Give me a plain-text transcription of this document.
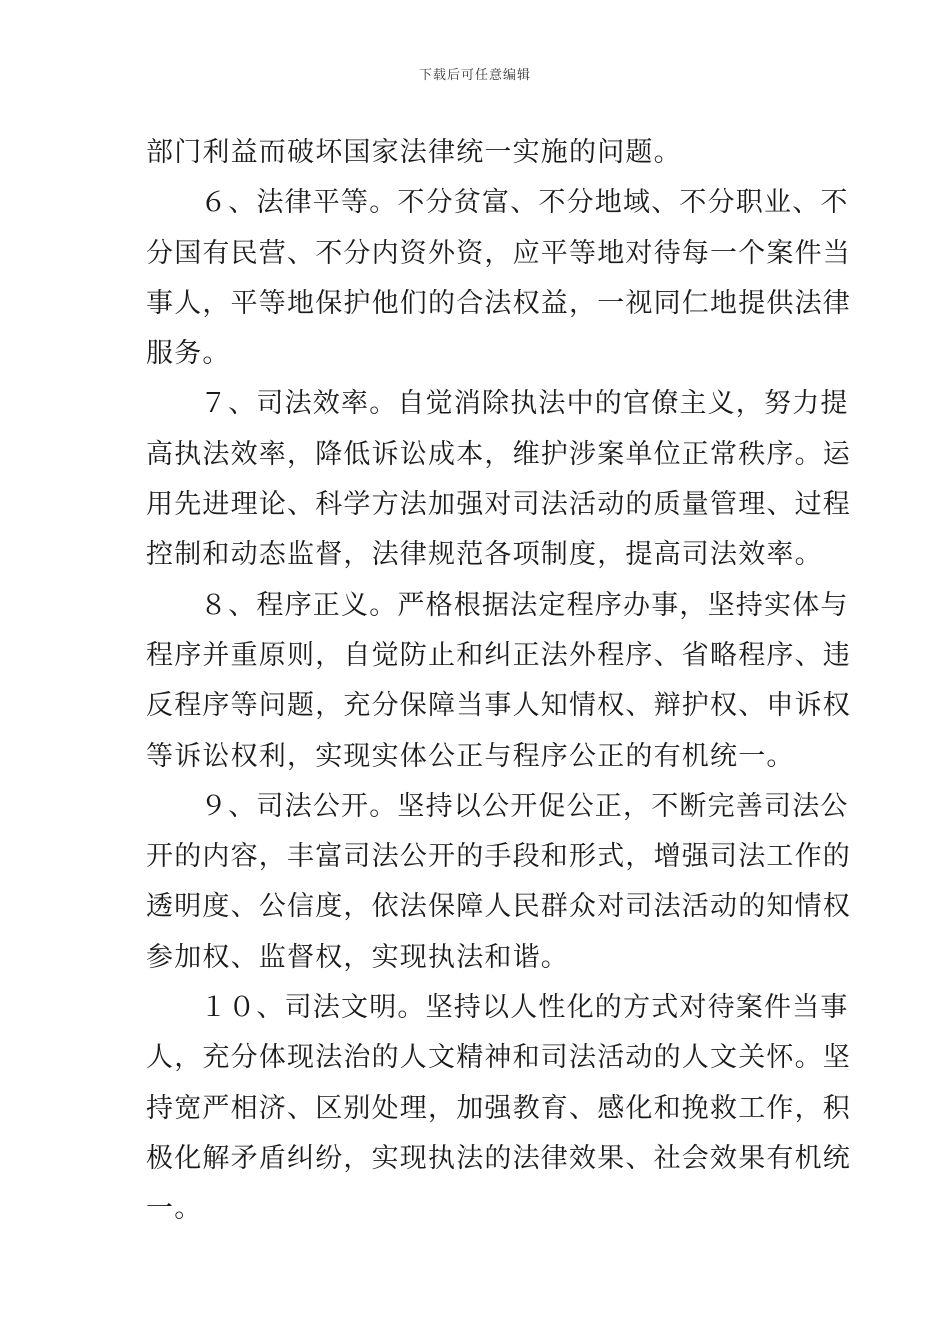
下载后可任意编辑
部门利益而破坏国家法律统一实施的问题。
６、法律平等。不分贫富、不分地域、不分职业、不
分国有民营、不分内资外资，应平等地对待每一个案件当
事人，平等地保护他们的合法权益，一视同仁地提供法律
服务。
７、司法效率。自觉消除执法中的官僚主义，努力提
高执法效率，降低诉讼成本，维护涉案单位正常秩序。运
用先进理论、科学方法加强对司法活动的质量管理、过程
控制和动态监督，法律规范各项制度，提高司法效率。
８、程序正义。严格根据法定程序办事，坚持实体与
程序并重原则，自觉防止和纠正法外程序、省略程序、违
反程序等问题，充分保障当事人知情权、辩护权、申诉权
等诉讼权利，实现实体公正与程序公正的有机统一。
９、司法公开。坚持以公开促公正，不断完善司法公
开的内容，丰富司法公开的手段和形式，增强司法工作的
透明度、公信度，依法保障人民群众对司法活动的知情权
参加权、监督权，实现执法和谐。
１０、司法文明。坚持以人性化的方式对待案件当事
人，充分体现法治的人文精神和司法活动的人文关怀。坚
持宽严相济、区别处理，加强教育、感化和挽救工作，积
极化解矛盾纠纷，实现执法的法律效果、社会效果有机统
一。
